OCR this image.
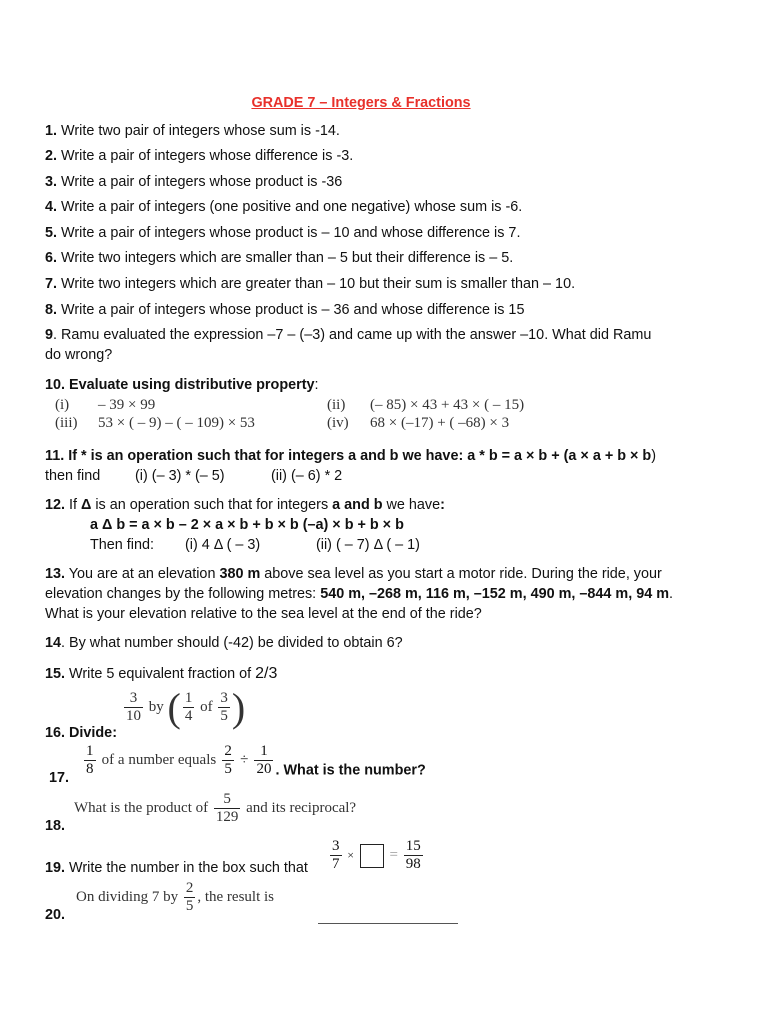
GRADE 7 – Integers & Fractions
1. Write two pair of integers whose sum is -14.
2. Write a pair of integers whose difference is -3.
3. Write a pair of integers whose product is -36
4. Write a pair of integers (one positive and one negative) whose sum is -6.
5. Write a pair of integers whose product is – 10 and whose difference is 7.
6. Write two integers which are smaller than – 5 but their difference is – 5.
7. Write two integers which are greater than – 10 but their sum is smaller than – 10.
8. Write a pair of integers whose product is – 36 and whose difference is 15
9. Ramu evaluated the expression –7 – (–3) and came up with the answer –10. What did Ramu
do wrong?
10. Evaluate using distributive property:
(i) – 39 × 99	(ii) (– 85) × 43 + 43 × ( – 15)
(iii) 53 × ( – 9) – ( – 109) × 53	(iv) 68 × (–17) + ( –68) × 3
11. If * is an operation such that for integers a and b we have: a * b = a × b + (a × a + b × b)
then find (i) (– 3) * (– 5)	(ii) (– 6) * 2
12. If Δ is an operation such that for integers a and b we have:
a Δ b = a × b – 2 × a × b + b × b (–a) × b + b × b
Then find: (i) 4 Δ ( – 3)	(ii) ( – 7) Δ ( – 1)
13. You are at an elevation 380 m above sea level as you start a motor ride. During the ride, your
elevation changes by the following metres: 540 m, –268 m, 116 m, –152 m, 490 m, –844 m, 94 m.
What is your elevation relative to the sea level at the end of the ride?
14. By what number should (-42) be divided to obtain 6?
15. Write 5 equivalent fraction of 2/3
16. Divide:
$\frac{3}{10}$ by ( $\frac{1}{4}$ of $\frac{3}{5}$ )
17. $\frac{1}{8}$ of a number equals $\frac{2}{5} \div \frac{1}{20}$ . What is the number?
18.
What is the product of $\frac{5}{129}$ and its reciprocal?
19. Write the number in the box such that $\frac{3}{7}$ × = $\frac{15}{98}$
20.
On dividing 7 by $\frac{2}{5}$ , the result is
